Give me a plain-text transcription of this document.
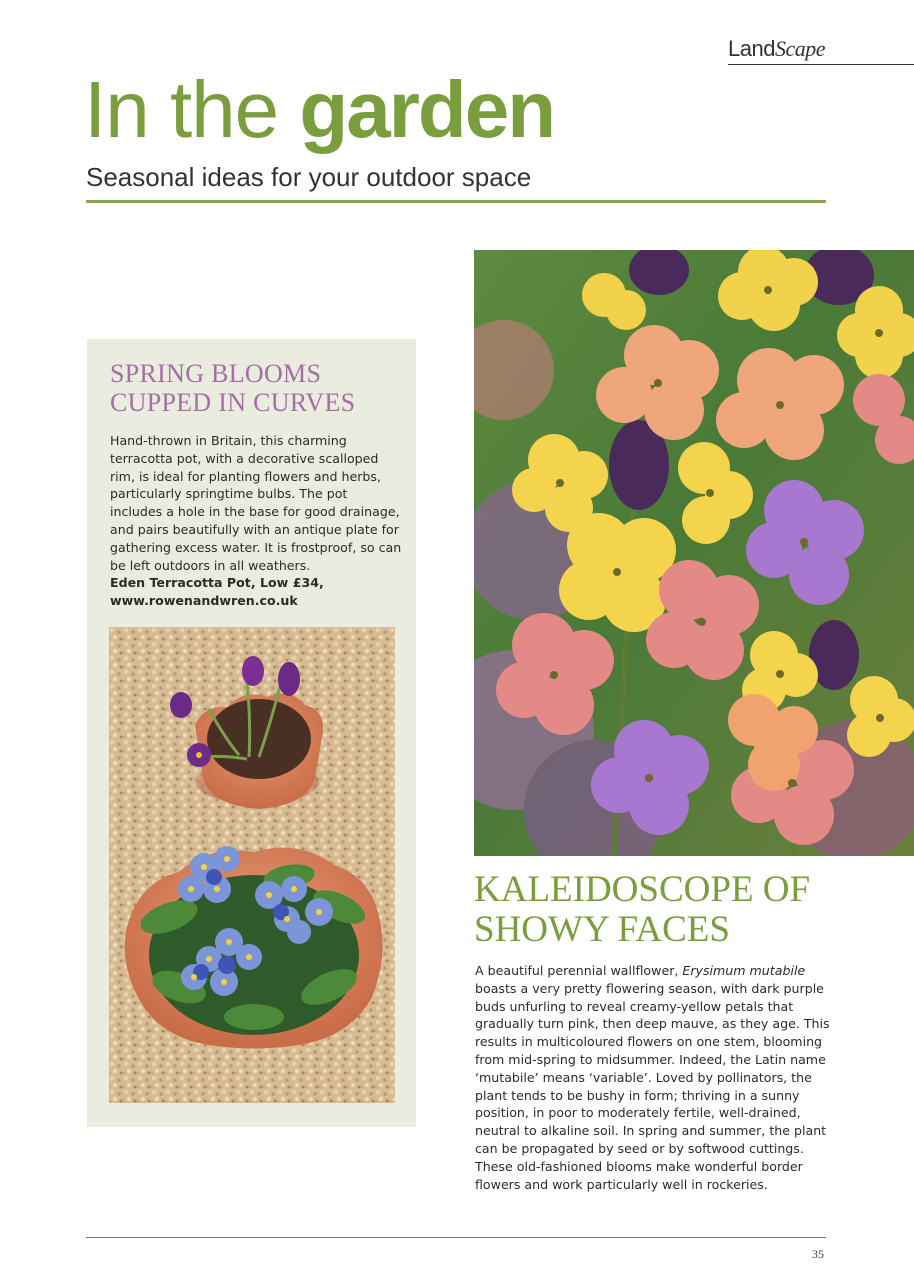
LandScape
In the garden
Seasonal ideas for your outdoor space
SPRING BLOOMS
CUPPED IN CURVES

Hand-thrown in Britain, this charming terracotta pot, with a decorative scalloped rim, is ideal for planting flowers and herbs, particularly springtime bulbs. The pot includes a hole in the base for good drainage, and pairs beautifully with an antique plate for gathering excess water. It is frostproof, so can be left outdoors in all weathers.

Eden Terracotta Pot, Low £34,

www.rowenandwren.co.uk

KALEIDOSCOPE OF
SHOWY FACES

A beautiful perennial wallflower, Erysimum mutabile boasts a very pretty flowering season, with dark purple buds unfurling to reveal creamy-yellow petals that gradually turn pink, then deep mauve, as they age. This results in multicoloured flowers on one stem, blooming from mid-spring to midsummer. Indeed, the Latin name ‘mutabile’ means ‘variable’. Loved by pollinators, the plant tends to be bushy in form; thriving in a sunny position, in poor to moderately fertile, well-drained, neutral to alkaline soil. In spring and summer, the plant can be propagated by seed or by softwood cuttings. These old-fashioned blooms make wonderful border flowers and work particularly well in rockeries.

35
